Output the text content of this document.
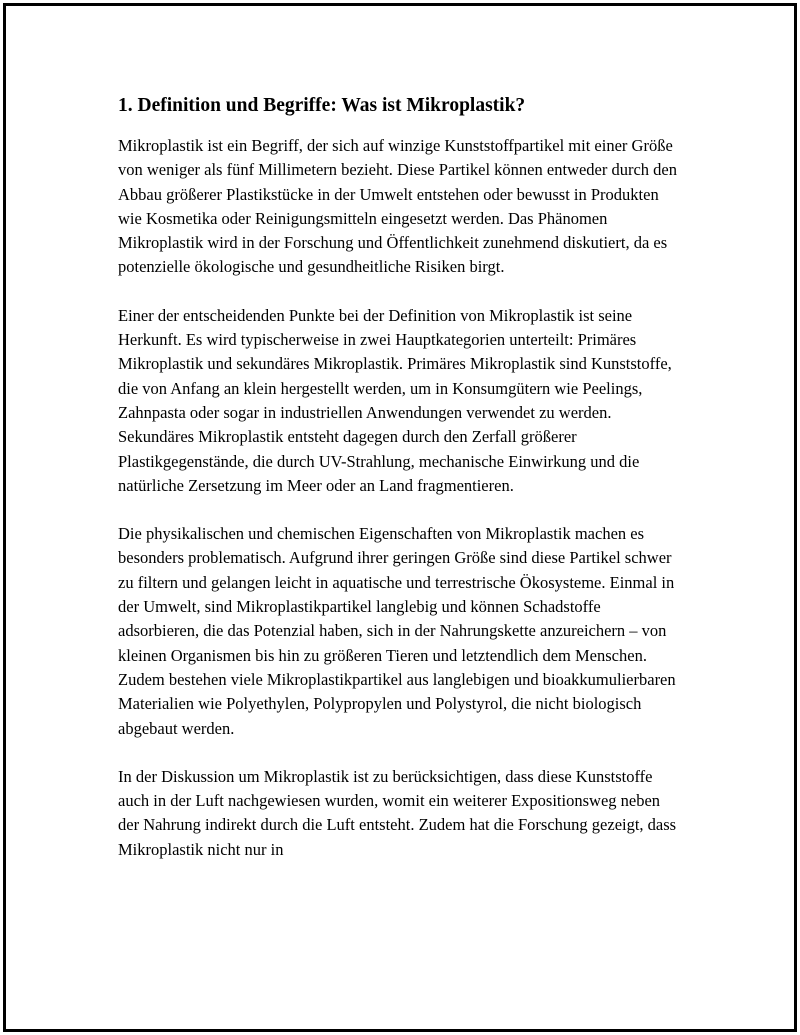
1. Definition und Begriffe: Was ist Mikroplastik?

Mikroplastik ist ein Begriff, der sich auf winzige Kunststoffpartikel mit einer Größe von weniger als fünf Millimetern bezieht. Diese Partikel können entweder durch den Abbau größerer Plastikstücke in der Umwelt entstehen oder bewusst in Produkten wie Kosmetika oder Reinigungsmitteln eingesetzt werden. Das Phänomen Mikroplastik wird in der Forschung und Öffentlichkeit zunehmend diskutiert, da es potenzielle ökologische und gesundheitliche Risiken birgt.

Einer der entscheidenden Punkte bei der Definition von Mikroplastik ist seine Herkunft. Es wird typischerweise in zwei Hauptkategorien unterteilt: Primäres Mikroplastik und sekundäres Mikroplastik. Primäres Mikroplastik sind Kunststoffe, die von Anfang an klein hergestellt werden, um in Konsumgütern wie Peelings, Zahnpasta oder sogar in industriellen Anwendungen verwendet zu werden. Sekundäres Mikroplastik entsteht dagegen durch den Zerfall größerer Plastikgegenstände, die durch UV-Strahlung, mechanische Einwirkung und die natürliche Zersetzung im Meer oder an Land fragmentieren.

Die physikalischen und chemischen Eigenschaften von Mikroplastik machen es besonders problematisch. Aufgrund ihrer geringen Größe sind diese Partikel schwer zu filtern und gelangen leicht in aquatische und terrestrische Ökosysteme. Einmal in der Umwelt, sind Mikroplastikpartikel langlebig und können Schadstoffe adsorbieren, die das Potenzial haben, sich in der Nahrungskette anzureichern – von kleinen Organismen bis hin zu größeren Tieren und letztendlich dem Menschen. Zudem bestehen viele Mikroplastikpartikel aus langlebigen und bioakkumulierbaren Materialien wie Polyethylen, Polypropylen und Polystyrol, die nicht biologisch abgebaut werden.

In der Diskussion um Mikroplastik ist zu berücksichtigen, dass diese Kunststoffe auch in der Luft nachgewiesen wurden, womit ein weiterer Expositionsweg neben der Nahrung indirekt durch die Luft entsteht. Zudem hat die Forschung gezeigt, dass Mikroplastik nicht nur in
